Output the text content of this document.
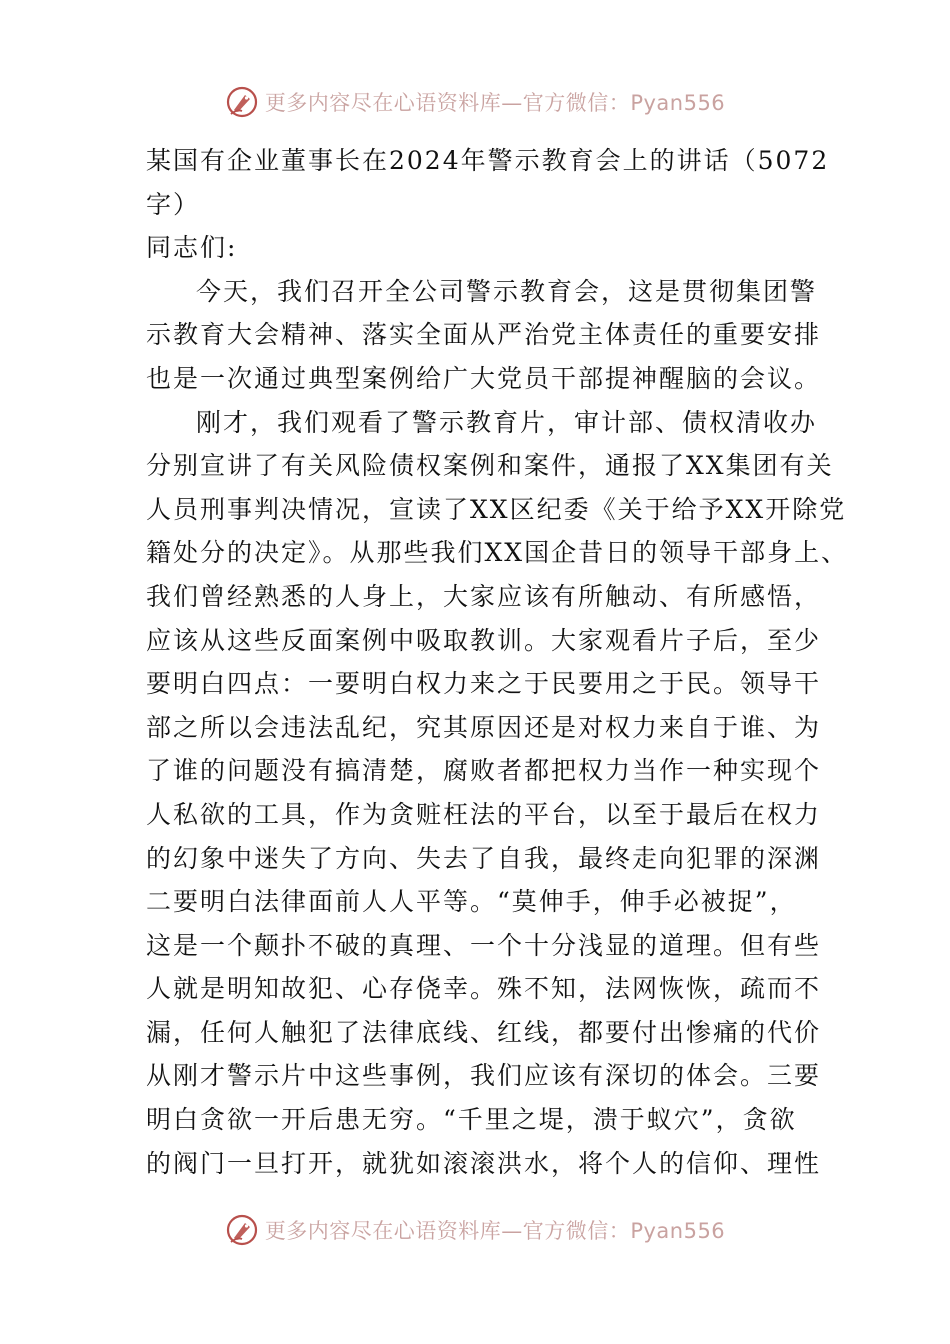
更多内容尽在心语资料库—官方微信：Pyan556
某国有企业董事长在2024年警示教育会上的讲话（5072
字）
同志们:
今天，我们召开全公司警示教育会，这是贯彻集团警
示教育大会精神、落实全面从严治党主体责任的重要安排
也是一次通过典型案例给广大党员干部提神醒脑的会议。
刚才，我们观看了警示教育片，审计部、债权清收办
分别宣讲了有关风险债权案例和案件，通报了XX集团有关
人员刑事判决情况，宣读了XX区纪委《关于给予XX开除党
籍处分的决定》。从那些我们XX国企昔日的领导干部身上、
我们曾经熟悉的人身上，大家应该有所触动、有所感悟，
应该从这些反面案例中吸取教训。大家观看片子后，至少
要明白四点：一要明白权力来之于民要用之于民。领导干
部之所以会违法乱纪，究其原因还是对权力来自于谁、为
了谁的问题没有搞清楚，腐败者都把权力当作一种实现个
人私欲的工具，作为贪赃枉法的平台，以至于最后在权力
的幻象中迷失了方向、失去了自我，最终走向犯罪的深渊
二要明白法律面前人人平等。“莫伸手，伸手必被捉”，
这是一个颠扑不破的真理、一个十分浅显的道理。但有些
人就是明知故犯、心存侥幸。殊不知，法网恢恢，疏而不
漏，任何人触犯了法律底线、红线，都要付出惨痛的代价
从刚才警示片中这些事例，我们应该有深切的体会。三要
明白贪欲一开后患无穷。“千里之堤，溃于蚁穴”，贪欲
的阀门一旦打开，就犹如滚滚洪水，将个人的信仰、理性
更多内容尽在心语资料库—官方微信：Pyan556
